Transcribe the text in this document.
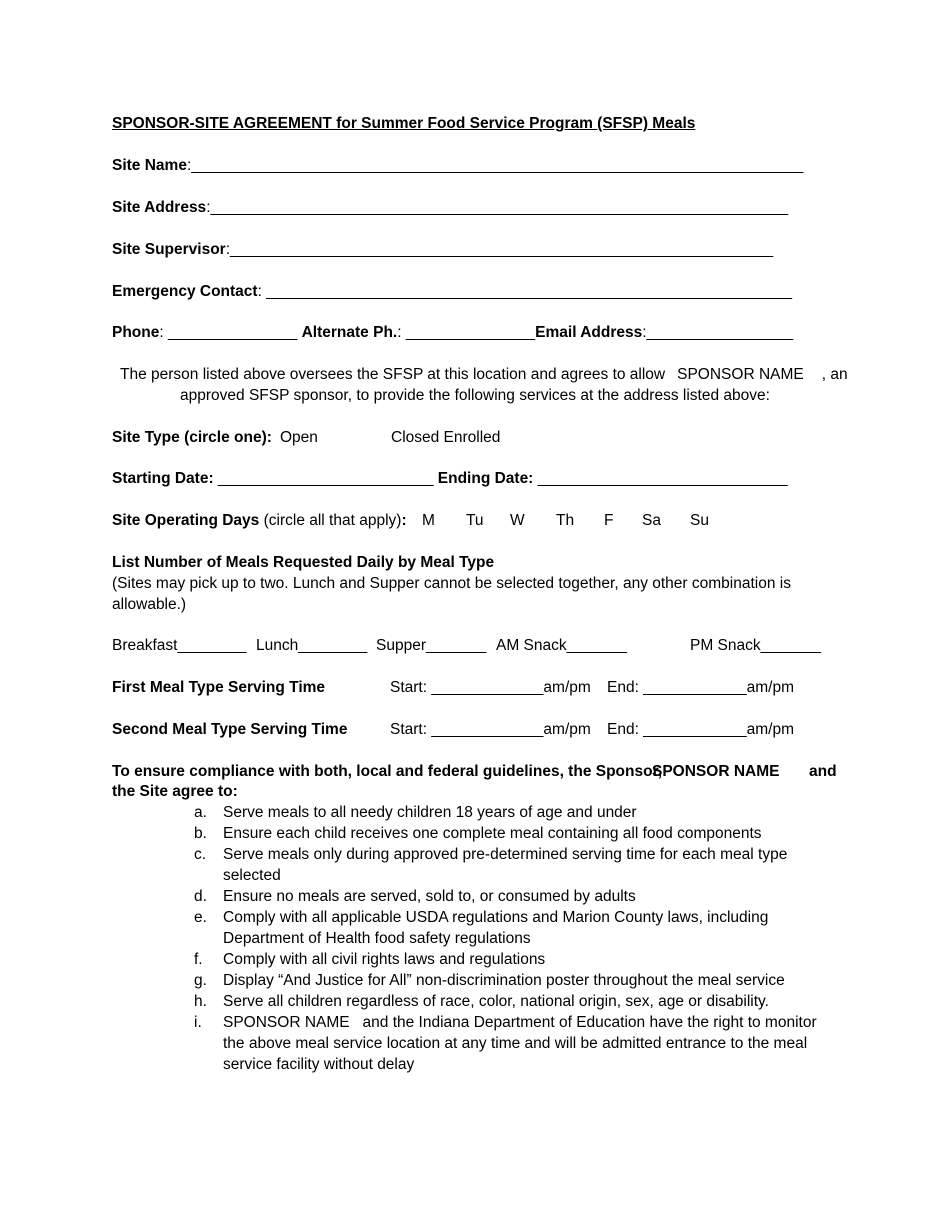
SPONSOR-SITE AGREEMENT for Summer Food Service Program (SFSP) Meals
Site Name:_______________________________________________________________________
Site Address:___________________________________________________________________
Site Supervisor:_______________________________________________________________
Emergency Contact: _____________________________________________________________
Phone: _______________ Alternate Ph.: _______________Email Address:_________________
The person listed above oversees the SFSP at this location and agrees to allow SPONSOR NAME , an
approved SFSP sponsor, to provide the following services at the address listed above:
Site Type (circle one): Open	Closed Enrolled
Starting Date: _________________________ Ending Date: _____________________________
Site Operating Days (circle all that apply): M Tu W Th F Sa Su
List Number of Meals Requested Daily by Meal Type
(Sites may pick up to two. Lunch and Supper cannot be selected together, any other combination is allowable.)
Breakfast________ Lunch________ Supper_______ AM Snack_______	PM Snack_______
First Meal Type Serving Time	Start: _____________am/pm End: ____________am/pm
Second Meal Type Serving Time	Start: _____________am/pm End: ____________am/pm
To ensure compliance with both, local and federal guidelines, the Sponsor,
SPONSOR NAME and
the Site agree to:
a. Serve meals to all needy children 18 years of age and under
b. Ensure each child receives one complete meal containing all food components
c. Serve meals only during approved pre-determined serving time for each meal type selected
d. Ensure no meals are served, sold to, or consumed by adults
e. Comply with all applicable USDA regulations and Marion County laws, including Department of Health food safety regulations
f. Comply with all civil rights laws and regulations
g. Display “And Justice for All” non-discrimination poster throughout the meal service
h. Serve all children regardless of race, color, national origin, sex, age or disability.
i. SPONSOR NAME   and the Indiana Department of Education have the right to monitor the above meal service location at any time and will be admitted entrance to the meal service facility without delay
